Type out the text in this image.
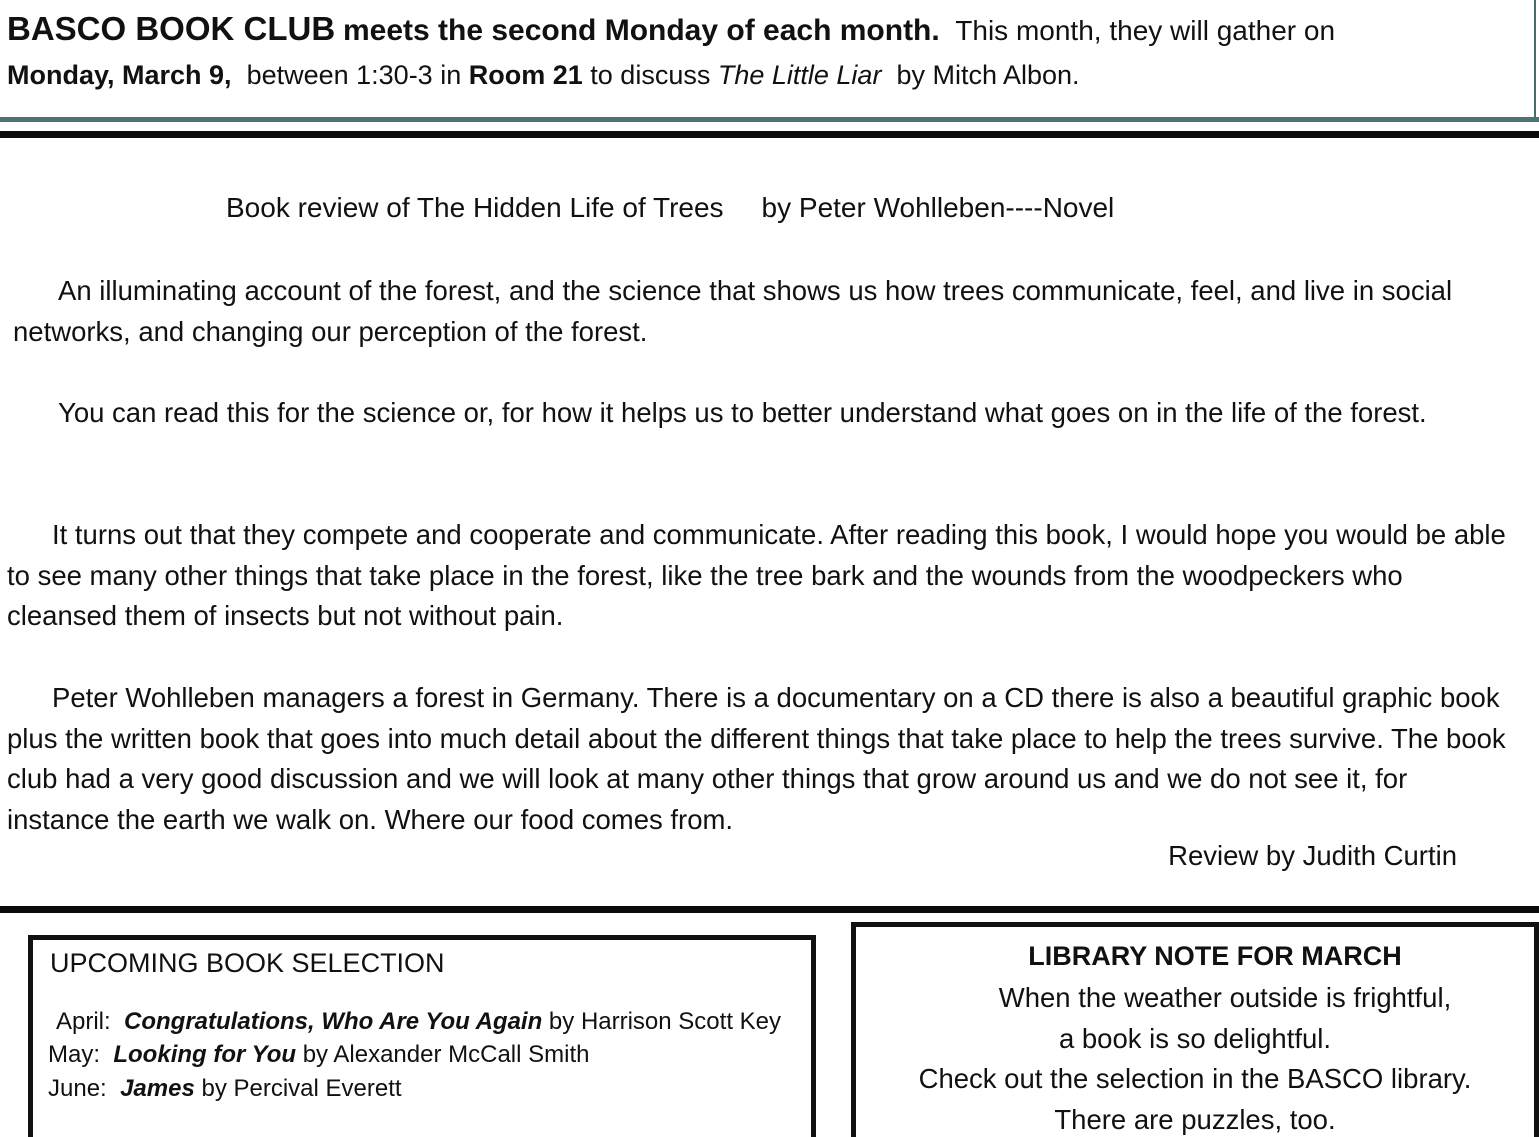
BASCO BOOK CLUB meets the second Monday of each month. This month, they will gather on
Monday, March 9, between 1:30-3 in Room 21 to discuss The Little Liar by Mitch Albon.
Book review of The Hidden Life of Trees by Peter Wohlleben----Novel

An illuminating account of the forest, and the science that shows us how trees communicate, feel, and live in social networks, and changing our perception of the forest.

You can read this for the science or, for how it helps us to better understand what goes on in the life of the forest.

It turns out that they compete and cooperate and communicate. After reading this book, I would hope you would be able to see many other things that take place in the forest, like the tree bark and the wounds from the woodpeckers who cleansed them of insects but not without pain.

Peter Wohlleben managers a forest in Germany. There is a documentary on a CD there is also a beautiful graphic book plus the written book that goes into much detail about the different things that take place to help the trees survive. The book club had a very good discussion and we will look at many other things that grow around us and we do not see it, for instance the earth we walk on. Where our food comes from.

Review by Judith Curtin
UPCOMING BOOK SELECTION
April: Congratulations, Who Are You Again by Harrison Scott Key
May: Looking for You by Alexander McCall Smith
June: James by Percival Everett
LIBRARY NOTE FOR MARCH
When the weather outside is frightful,
a book is so delightful.
Check out the selection in the BASCO library.
There are puzzles, too.
